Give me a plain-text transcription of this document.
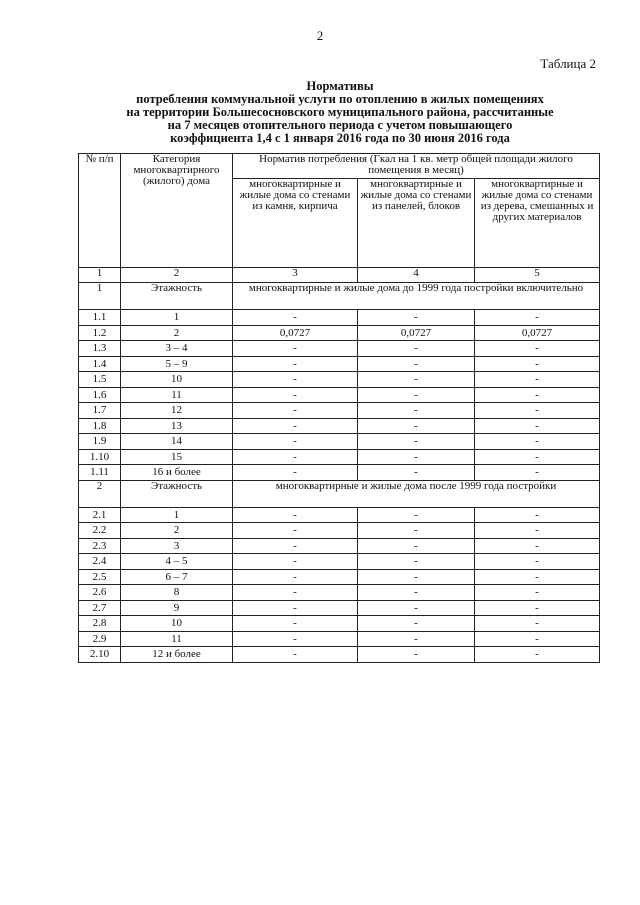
2
Таблица 2
Нормативы
потребления коммунальной услуги по отоплению в жилых помещениях
на территории Большесосновского муниципального района, рассчитанные
на 7 месяцев отопительного периода с учетом повышающего
коэффициента 1,4 с 1 января 2016 года по 30 июня 2016 года
№ п/п	Категория многоквартирного (жилого) дома	Норматив потребления (Гкал на 1 кв. метр общей площади жилого помещения в месяц)		
		многоквартирные и жилые дома со стенами из камня, кирпича	многоквартирные и жилые дома со стенами из панелей, блоков	многоквартирные и жилые дома со стенами из дерева, смешанных и других материалов
1	2	3	4	5
1	Этажность	многоквартирные и жилые дома до 1999 года постройки включительно		
1.1	1	-	-	-
1.2	2	0,0727	0,0727	0,0727
1.3	3 – 4	-	-	-
1.4	5 – 9	-	-	-
1.5	10	-	-	-
1.6	11	-	-	-
1.7	12	-	-	-
1.8	13	-	-	-
1.9	14	-	-	-
1.10	15	-	-	-
1.11	16 и более	-	-	-
2	Этажность	многоквартирные и жилые дома после 1999 года постройки		
2.1	1	-	-	-
2.2	2	-	-	-
2.3	3	-	-	-
2.4	4 – 5	-	-	-
2.5	6 – 7	-	-	-
2.6	8	-	-	-
2.7	9	-	-	-
2.8	10	-	-	-
2.9	11	-	-	-
2.10	12 и более	-	-	-
